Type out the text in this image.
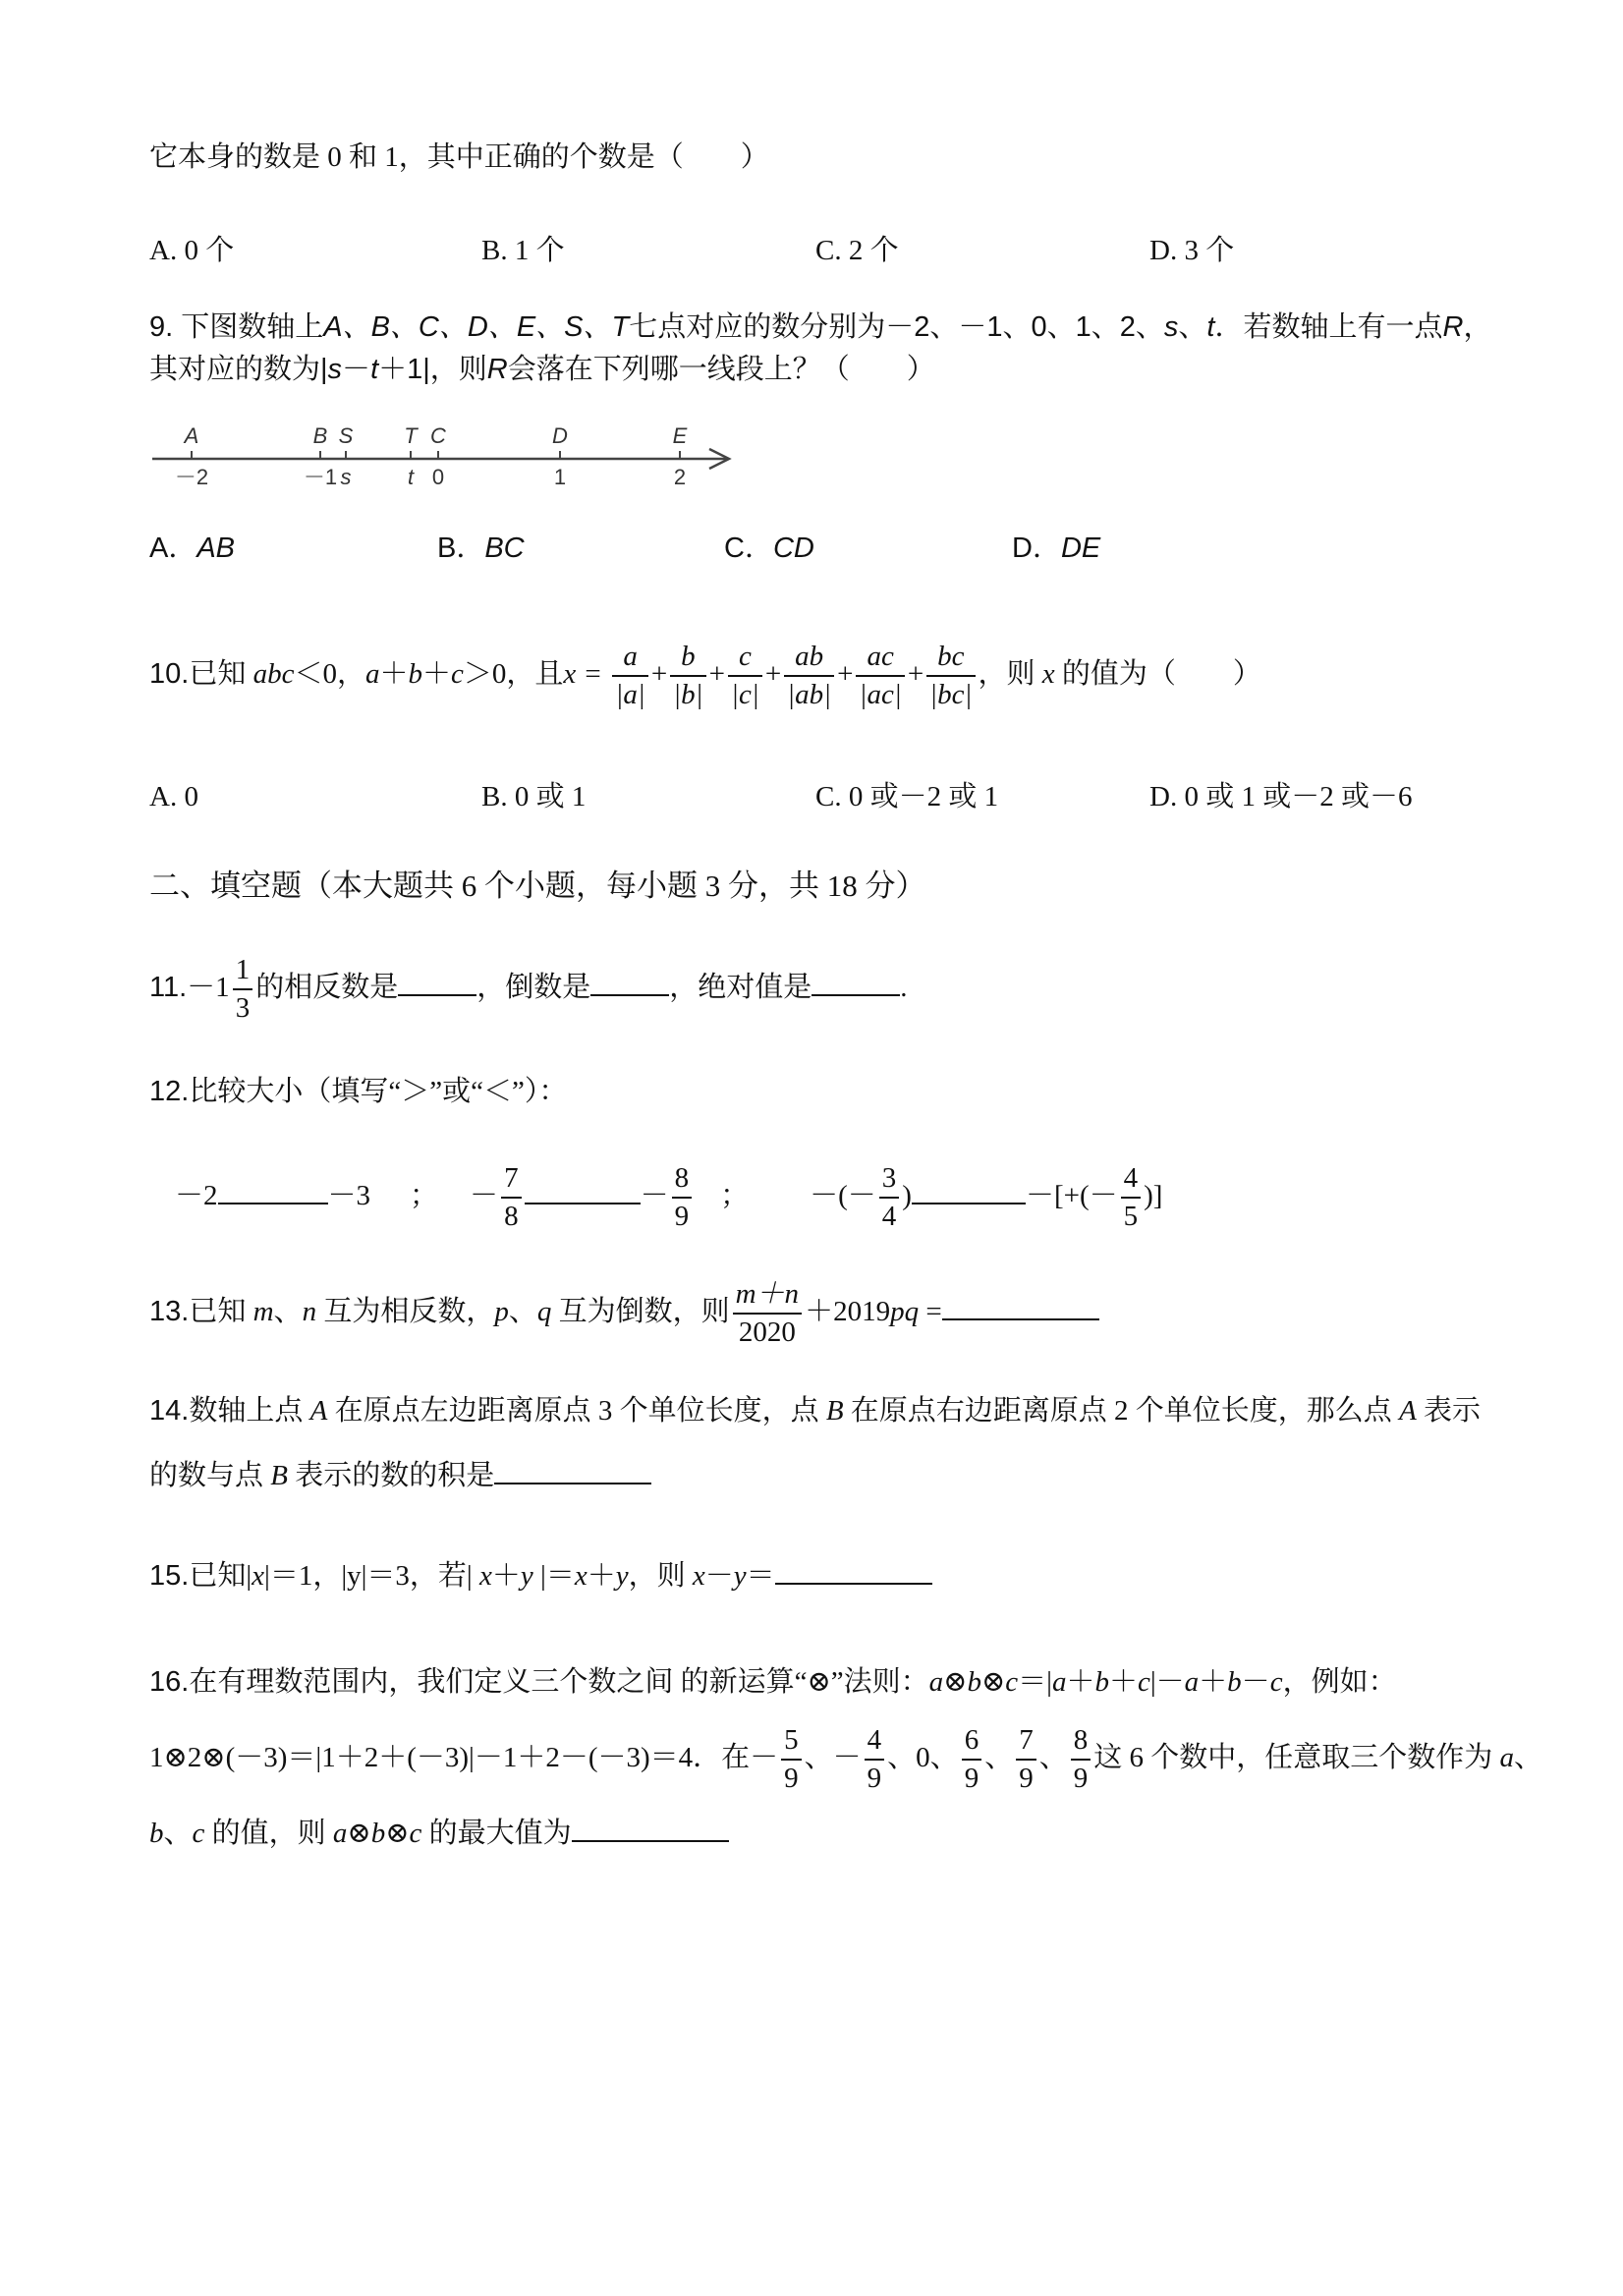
它本身的数是 0 和 1，其中正确的个数是（　　）
A. 0 个	B. 1 个	C. 2 个	D. 3 个
9. 下图数轴上A、B、C、D、E、S、T七点对应的数分别为－2、－1、0、1、2、s、t．若数轴上有一点R，
其对应的数为|s－t＋1|，则R会落在下列哪一线段上？（　　）
A
－2
B
－1
S
s
T
t
C
0
D
1
E
2
A．AB	B．BC	C．CD	D．DE
10.已知 abc＜0，a＋b＋c＞0，且$x = \frac{a}{|a|} + \frac{b}{|b|} + \frac{c}{|c|} + \frac{ab}{|ab|} + \frac{ac}{|ac|} + \frac{bc}{|bc|}$ ，则 x 的值为（　　）
A. 0	B. 0 或 1	C. 0 或－2 或 1	D. 0 或 1 或－2 或－6
二、填空题（本大题共 6 个小题，每小题 3 分，共 18 分）
$11.-1 \frac{1}{3}$ 的相反数是	，倒数是	，绝对值是	.
12.比较大小（填写“＞”或“＜”）：
－2	－3 ； － $\frac{7}{8}$	－ $\frac{8}{9}$ ； －(－ $\frac{3}{4}$ )	－[+(－ $\frac{4}{5}$ )]
13.已知 m、n 互为相反数，p、q 互为倒数，则 $\frac{m+n}{2020} +2019pq$ =
14.数轴上点 A 在原点左边距离原点 3 个单位长度，点 B 在原点右边距离原点 2 个单位长度，那么点 A 表示
的数与点 B 表示的数的积是
15.已知|x|＝1，|y|＝3，若| x＋y |＝x＋y，则 x－y＝
16.在有理数范围内，我们定义三个数之间 的新运算“⊗”法则：a⊗b⊗c＝|a＋b＋c|－a＋b－c，例如：
1⊗2⊗(－3)＝|1＋2＋(－3)|－1＋2－(－3)＝4．在－ $\frac{5}{9}$ 、－ $\frac{4}{9}$ 、0、 $\frac{6}{9}$ 、 $\frac{7}{9}$ 、 $\frac{8}{9}$ 这 6 个数中，任意取三个数作为 a、
b、c 的值，则 a⊗b⊗c 的最大值为
